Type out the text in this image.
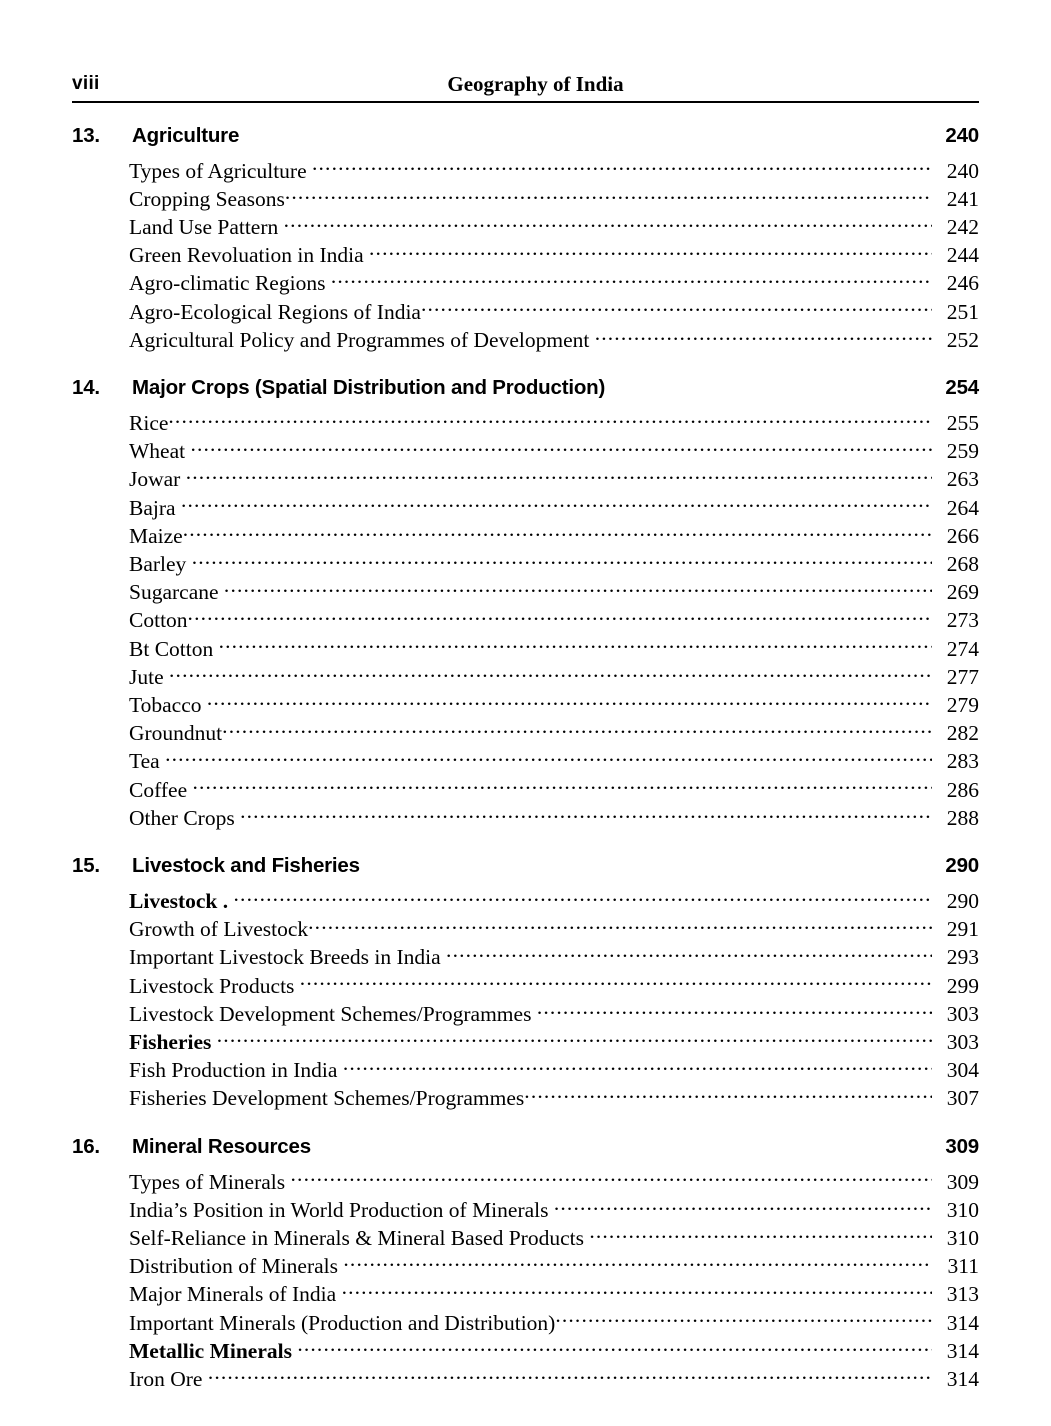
viii	Geography of India
13.	Agriculture	240
Types of Agriculture .....	240
Cropping Seasons .....	241
Land Use Pattern .....	242
Green Revoluation in India .....	244
Agro-climatic Regions .....	246
Agro-Ecological Regions of India .....	251
Agricultural Policy and Programmes of Development .....	252
14.	Major Crops (Spatial Distribution and Production)	254
Rice .....	255
Wheat .....	259
Jowar .....	263
Bajra .....	264
Maize .....	266
Barley .....	268
Sugarcane .....	269
Cotton .....	273
Bt Cotton .....	274
Jute .....	277
Tobacco .....	279
Groundnut .....	282
Tea .....	283
Coffee .....	286
Other Crops .....	288
15.	Livestock and Fisheries	290
Livestock . .....	290
Growth of Livestock .....	291
Important Livestock Breeds in India .....	293
Livestock Products .....	299
Livestock Development Schemes/Programmes .....	303
Fisheries .....	303
Fish Production in India .....	304
Fisheries Development Schemes/Programmes .....	307
16.	Mineral Resources	309
Types of Minerals .....	309
India’s Position in World Production of Minerals .....	310
Self-Reliance in Minerals & Mineral Based Products .....	310
Distribution of Minerals .....	311
Major Minerals of India .....	313
Important Minerals (Production and Distribution) .....	314
Metallic Minerals .....	314
Iron Ore .....	314
